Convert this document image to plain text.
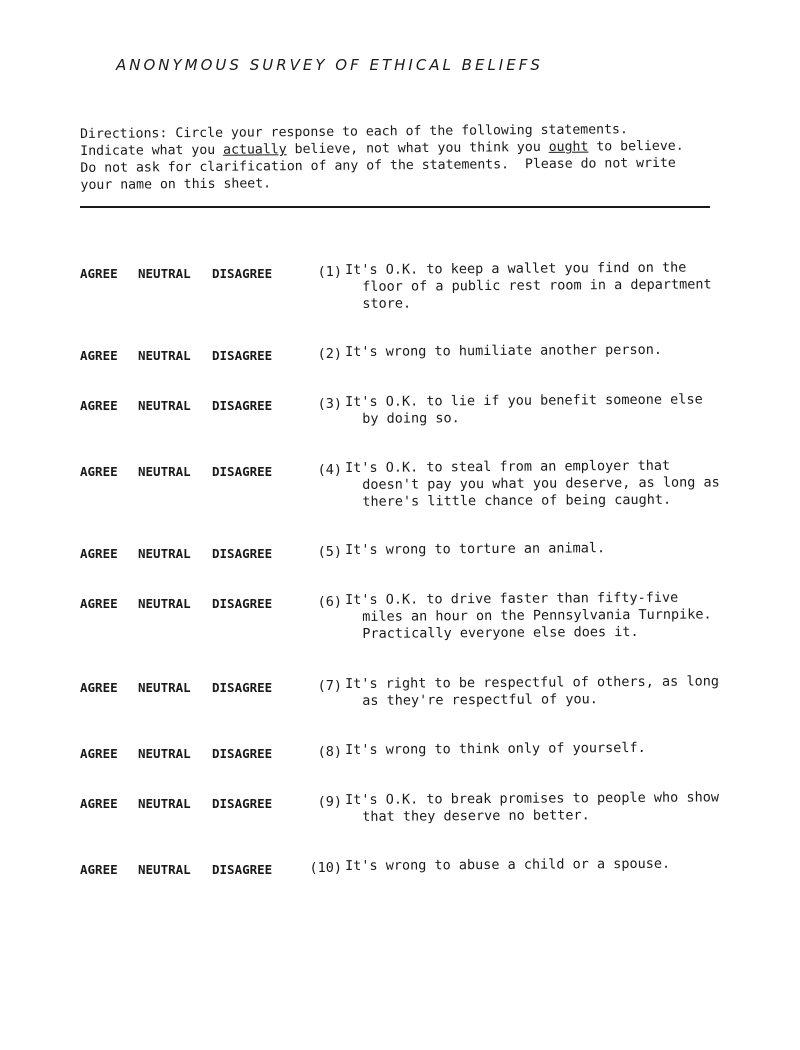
ANONYMOUS SURVEY OF ETHICAL BELIEFS
Directions: Circle your response to each of the following statements.
Indicate what you actually believe, not what you think you ought to believe.
Do not ask for clarification of any of the statements.  Please do not write
your name on this sheet.
AGREE NEUTRAL DISAGREE	(1) It's O.K. to keep a wallet you find on the
floor of a public rest room in a department
store.
AGREE NEUTRAL DISAGREE	(2) It's wrong to humiliate another person.
AGREE NEUTRAL DISAGREE	(3) It's O.K. to lie if you benefit someone else
by doing so.
AGREE NEUTRAL DISAGREE	(4) It's O.K. to steal from an employer that
doesn't pay you what you deserve, as long as
there's little chance of being caught.
AGREE NEUTRAL DISAGREE	(5) It's wrong to torture an animal.
AGREE NEUTRAL DISAGREE	(6) It's O.K. to drive faster than fifty-five
miles an hour on the Pennsylvania Turnpike.
Practically everyone else does it.
AGREE NEUTRAL DISAGREE	(7) It's right to be respectful of others, as long
as they're respectful of you.
AGREE NEUTRAL DISAGREE	(8) It's wrong to think only of yourself.
AGREE NEUTRAL DISAGREE	(9) It's O.K. to break promises to people who show
that they deserve no better.
AGREE NEUTRAL DISAGREE	(10) It's wrong to abuse a child or a spouse.
